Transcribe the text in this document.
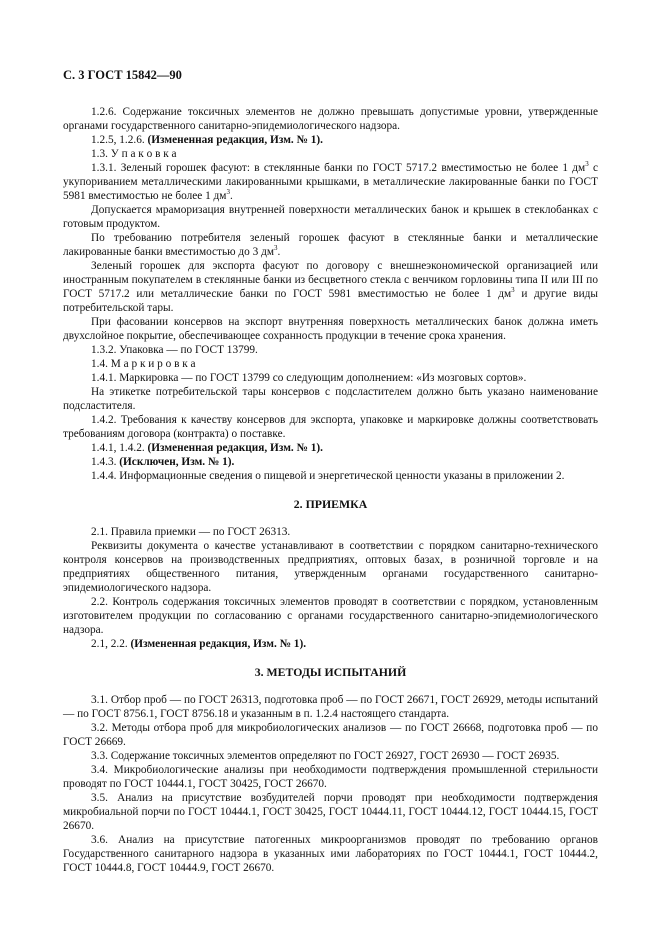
С. 3 ГОСТ 15842—90

1.2.6. Содержание токсичных элементов не должно превышать допустимые уровни, утвержденные органами государственного санитарно-эпидемиологического надзора.

1.2.5, 1.2.6. (Измененная редакция, Изм. № 1).

1.3. У п а к о в к а

1.3.1. Зеленый горошек фасуют: в стеклянные банки по ГОСТ 5717.2 вместимостью не более 1 $дм^3$ с укупориванием металлическими лакированными крышками, в металлические лакированные банки по ГОСТ 5981 вместимостью не более 1 $дм^3$.

Допускается мраморизация внутренней поверхности металлических банок и крышек в стеклобанках с готовым продуктом.

По требованию потребителя зеленый горошек фасуют в стеклянные банки и металлические лакированные банки вместимостью до 3 $дм^3$.

Зеленый горошек для экспорта фасуют по договору с внешнеэкономической организацией или иностранным покупателем в стеклянные банки из бесцветного стекла с венчиком горловины типа II или III по ГОСТ 5717.2 или металлические банки по ГОСТ 5981 вместимостью не более 1 $дм^3$ и другие виды потребительской тары.

При фасовании консервов на экспорт внутренняя поверхность металлических банок должна иметь двухслойное покрытие, обеспечивающее сохранность продукции в течение срока хранения.

1.3.2. Упаковка — по ГОСТ 13799.

1.4. М а р к и р о в к а

1.4.1. Маркировка — по ГОСТ 13799 со следующим дополнением: «Из мозговых сортов».

На этикетке потребительской тары консервов с подсластителем должно быть указано наименование подсластителя.

1.4.2. Требования к качеству консервов для экспорта, упаковке и маркировке должны соответствовать требованиям договора (контракта) о поставке.

1.4.1, 1.4.2. (Измененная редакция, Изм. № 1).

1.4.3. (Исключен, Изм. № 1).

1.4.4. Информационные сведения о пищевой и энергетической ценности указаны в приложении 2.

2. ПРИЕМКА

2.1. Правила приемки — по ГОСТ 26313.

Реквизиты документа о качестве устанавливают в соответствии с порядком санитарно-технического контроля консервов на производственных предприятиях, оптовых базах, в розничной торговле и на предприятиях общественного питания, утвержденным органами государственного санитарно-эпидемиологического надзора.

2.2. Контроль содержания токсичных элементов проводят в соответствии с порядком, установленным изготовителем продукции по согласованию с органами государственного санитарно-эпидемиологического надзора.

2.1, 2.2. (Измененная редакция, Изм. № 1).

3. МЕТОДЫ ИСПЫТАНИЙ

3.1. Отбор проб — по ГОСТ 26313, подготовка проб — по ГОСТ 26671, ГОСТ 26929, методы испытаний — по ГОСТ 8756.1, ГОСТ 8756.18 и указанным в п. 1.2.4 настоящего стандарта.

3.2. Методы отбора проб для микробиологических анализов — по ГОСТ 26668, подготовка проб — по ГОСТ 26669.

3.3. Содержание токсичных элементов определяют по ГОСТ 26927, ГОСТ 26930 — ГОСТ 26935.

3.4. Микробиологические анализы при необходимости подтверждения промышленной стерильности проводят по ГОСТ 10444.1, ГОСТ 30425, ГОСТ 26670.

3.5. Анализ на присутствие возбудителей порчи проводят при необходимости подтверждения микробиальной порчи по ГОСТ 10444.1, ГОСТ 30425, ГОСТ 10444.11, ГОСТ 10444.12, ГОСТ 10444.15, ГОСТ 26670.

3.6. Анализ на присутствие патогенных микроорганизмов проводят по требованию органов Государственного санитарного надзора в указанных ими лабораториях по ГОСТ 10444.1, ГОСТ 10444.2, ГОСТ 10444.8, ГОСТ 10444.9, ГОСТ 26670.
